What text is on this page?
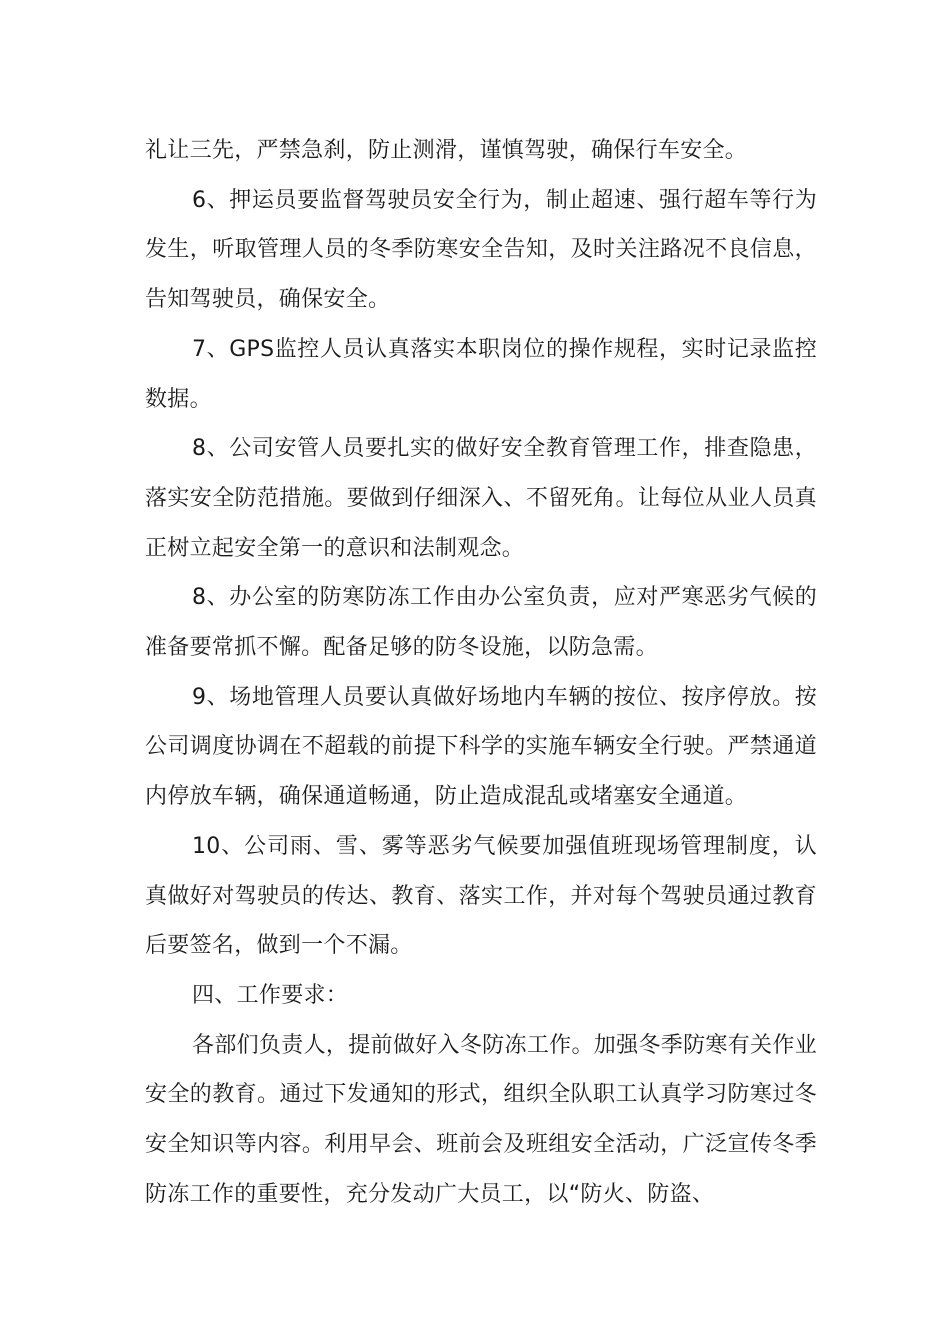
礼让三先，严禁急刹，防止测滑，谨慎驾驶，确保行车安全。

6、押运员要监督驾驶员安全行为，制止超速、强行超车等行为发生，听取管理人员的冬季防寒安全告知，及时关注路况不良信息，告知驾驶员，确保安全。

7、GPS监控人员认真落实本职岗位的操作规程，实时记录监控数据。

8、公司安管人员要扎实的做好安全教育管理工作，排查隐患，落实安全防范措施。要做到仔细深入、不留死角。让每位从业人员真正树立起安全第一的意识和法制观念。

8、办公室的防寒防冻工作由办公室负责，应对严寒恶劣气候的准备要常抓不懈。配备足够的防冬设施，以防急需。

9、场地管理人员要认真做好场地内车辆的按位、按序停放。按公司调度协调在不超载的前提下科学的实施车辆安全行驶。严禁通道内停放车辆，确保通道畅通，防止造成混乱或堵塞安全通道。

10、公司雨、雪、雾等恶劣气候要加强值班现场管理制度，认真做好对驾驶员的传达、教育、落实工作，并对每个驾驶员通过教育后要签名，做到一个不漏。

四、工作要求：

各部们负责人，提前做好入冬防冻工作。加强冬季防寒有关作业安全的教育。通过下发通知的形式，组织全队职工认真学习防寒过冬安全知识等内容。利用早会、班前会及班组安全活动，广泛宣传冬季防冻工作的重要性，充分发动广大员工，以“防火、防盗、
